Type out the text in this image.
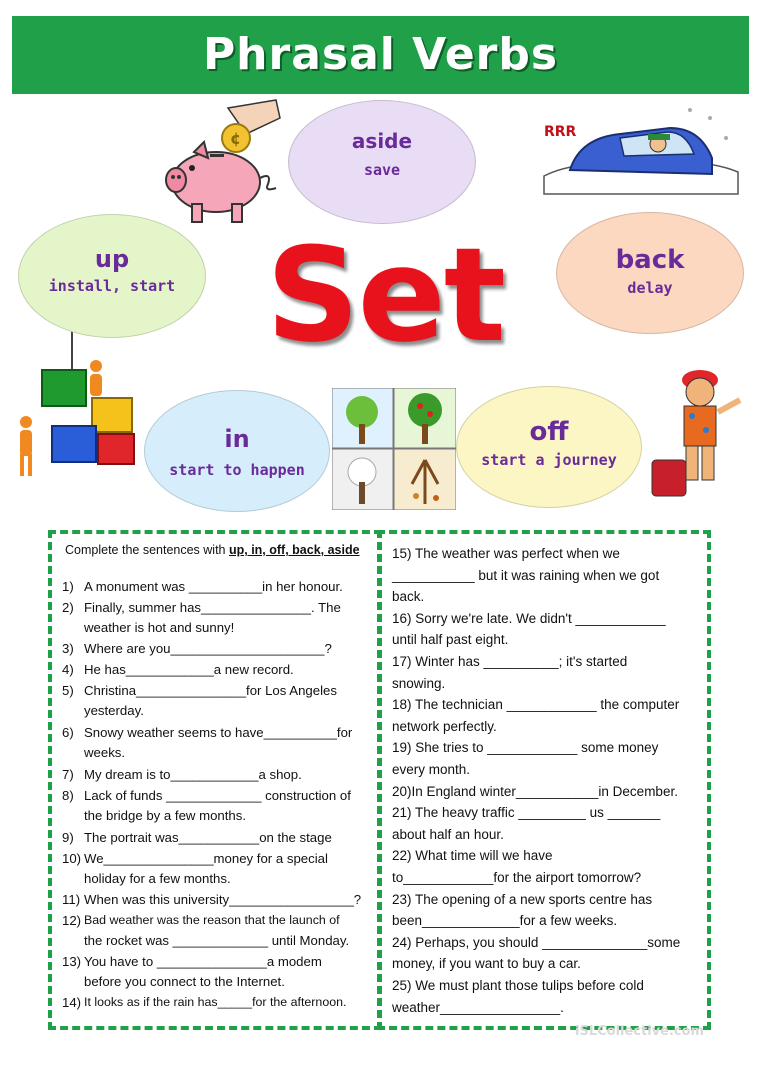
Phrasal Verbs
¢	RRR
aside
save
up
install, start
back
delay
in
start to happen
off
start a journey
Set
Complete the sentences with up, in, off, back, aside
1) A monument was __________in her honour.
2) Finally, summer has_______________. The
weather is hot and sunny!
3) Where are you_____________________?
4) He has____________a new record.
5) Christina_______________for Los Angeles
yesterday.
6) Snowy weather seems to have__________for
weeks.
7) My dream is to____________a shop.
8) Lack of funds _____________ construction of
the bridge by a few months.
9) The portrait was___________on the stage
10) We_______________money for a special
holiday for a few months.
11) When was this university_________________?
12) Bad weather was the reason that the launch of
the rocket was _____________ until Monday.
13) You have to _______________a modem
before you connect to the Internet.
14) It looks as if the rain has_____for the afternoon.
15) The weather was perfect when we
___________ but it was raining when we got
back.
16) Sorry we're late. We didn't ____________
until half past eight.
17) Winter has __________; it's started
snowing.
18) The technician ____________ the computer
network perfectly.
19) She tries to ____________ some money
every month.
20)In England winter___________in December.
21) The heavy traffic _________ us _______
about half an hour.
22) What time will we have
to____________for the airport tomorrow?
23) The opening of a new sports centre has
been_____________for a few weeks.
24) Perhaps, you should ______________some
money, if you want to buy a car.
25) We must plant those tulips before cold
weather________________.
iSLCollective.com
